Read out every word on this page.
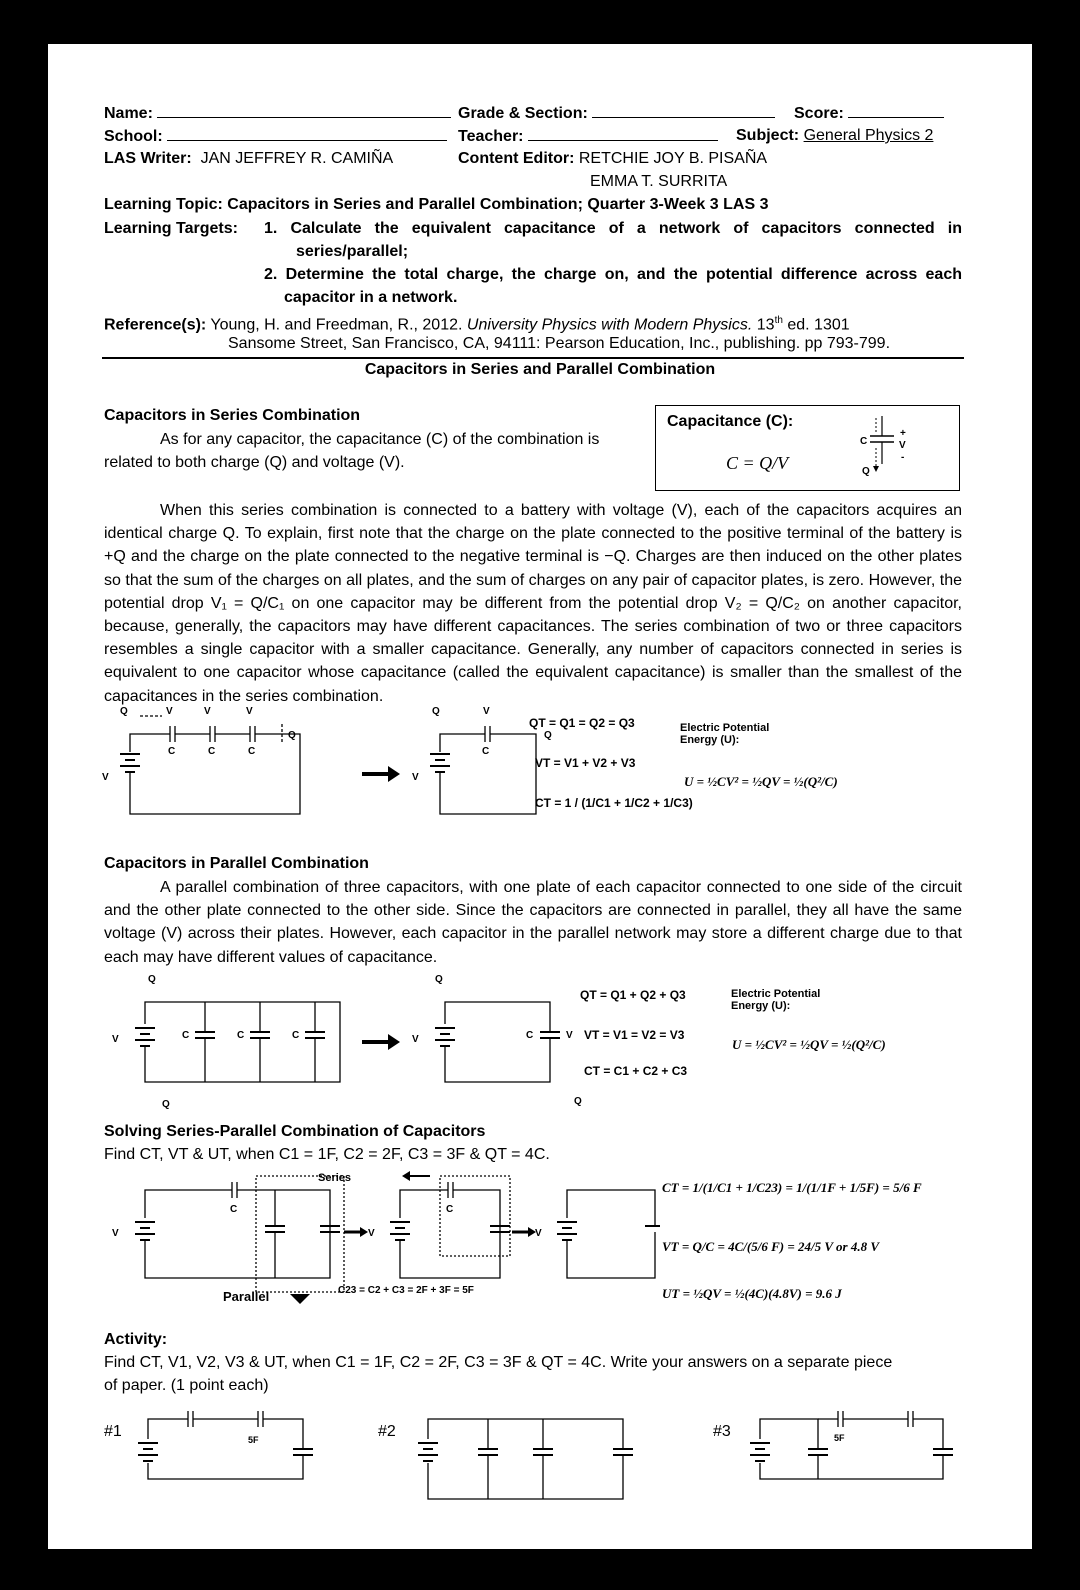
Name:	Grade & Section:	Score:
School:	Teacher:	Subject: General Physics 2
LAS Writer: JAN JEFFREY R. CAMIÑA	Content Editor: RETCHIE JOY B. PISAÑA
EMMA T. SURRITA
Learning Topic: Capacitors in Series and Parallel Combination; Quarter 3-Week 3 LAS 3
Learning Targets: 1. Calculate the equivalent capacitance of a network of capacitors connected in
series/parallel;
2. Determine the total charge, the charge on, and the potential difference across each
capacitor in a network.
Reference(s): Young, H. and Freedman, R., 2012. University Physics with Modern Physics. 13th ed. 1301
Sansome Street, San Francisco, CA, 94111: Pearson Education, Inc., publishing. pp 793-799.
Capacitors in Series and Parallel Combination
Capacitors in Series Combination
As for any capacitor, the capacitance (C) of the combination is
related to both charge (Q) and voltage (V).
Capacitance (C):
C = Q/V
C
Q
+
V
-
When this series combination is connected to a battery with voltage (V), each of the capacitors acquires an identical charge Q. To explain, first note that the charge on the plate connected to the positive terminal of the battery is +Q and the charge on the plate connected to the negative terminal is −Q. Charges are then induced on the other plates so that the sum of the charges on all plates, and the sum of charges on any pair of capacitor plates, is zero. However, the potential drop V₁ = Q/C₁ on one capacitor may be different from the potential drop V₂ = Q/C₂ on another capacitor, because, generally, the capacitors may have different capacitances. The series combination of two or three capacitors resembles a single capacitor with a smaller capacitance. Generally, any number of capacitors connected in series is equivalent to one capacitor whose capacitance (called the equivalent capacitance) is smaller than the smallest of the capacitances in the series combination.
Q	V	V	V
C	C	C
Q
V
Q	V
C
Q
V
QT = Q1 = Q2 = Q3
VT = V1 + V2 + V3
CT = 1 / (1/C1 + 1/C2 + 1/C3)
Electric Potential
Energy (U):
U = ½CV² = ½QV = ½(Q²/C)
Capacitors in Parallel Combination
A parallel combination of three capacitors, with one plate of each capacitor connected to one side of the circuit and the other plate connected to the other side. Since the capacitors are connected in parallel, they all have the same voltage (V) across their plates. However, each capacitor in the parallel network may store a different charge due to that each may have different values of capacitance.
Q
Q
V	C	C	C
Q
V	C	V
Q
QT = Q1 + Q2 + Q3
VT = V1 = V2 = V3
CT = C1 + C2 + C3
Electric Potential
Energy (U):
U = ½CV² = ½QV = ½(Q²/C)
Solving Series-Parallel Combination of Capacitors
Find CT, VT & UT, when C1 = 1F, C2 = 2F, C3 = 3F & QT = 4C.
V	V	V
C	C
Series
Parallel	C23 = C2 + C3 = 2F + 3F = 5F
CT = 1/(1/C1 + 1/C23) = 1/(1/1F + 1/5F) = 5/6 F
VT = Q/C = 4C/(5/6 F) = 24/5 V or 4.8 V
UT = ½QV = ½(4C)(4.8V) = 9.6 J
Activity:
Find CT, V1, V2, V3 & UT, when C1 = 1F, C2 = 2F, C3 = 3F & QT = 4C. Write your answers on a separate piece
of paper. (1 point each)
#1	#2	#3
5F	5F
